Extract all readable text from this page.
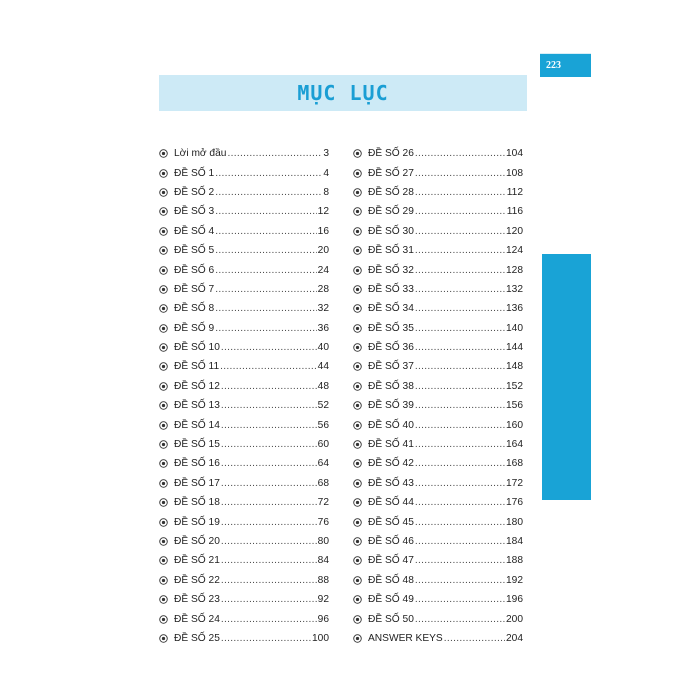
223
MỤC LỤC
Lời mở đầu .....	3
ĐỀ SỐ 1 .....	4
ĐỀ SỐ 2 .....	8
ĐỀ SỐ 3 .....	12
ĐỀ SỐ 4 .....	16
ĐỀ SỐ 5 .....	20
ĐỀ SỐ 6 .....	24
ĐỀ SỐ 7 .....	28
ĐỀ SỐ 8 .....	32
ĐỀ SỐ 9 .....	36
ĐỀ SỐ 10 .....	40
ĐỀ SỐ 11 .....	44
ĐỀ SỐ 12 .....	48
ĐỀ SỐ 13 .....	52
ĐỀ SỐ 14 .....	56
ĐỀ SỐ 15 .....	60
ĐỀ SỐ 16 .....	64
ĐỀ SỐ 17 .....	68
ĐỀ SỐ 18 .....	72
ĐỀ SỐ 19 .....	76
ĐỀ SỐ 20 .....	80
ĐỀ SỐ 21 .....	84
ĐỀ SỐ 22 .....	88
ĐỀ SỐ 23 .....	92
ĐỀ SỐ 24 .....	96
ĐỀ SỐ 25 .....	100
ĐỀ SỐ 26 .....	104
ĐỀ SỐ 27 .....	108
ĐỀ SỐ 28 .....	112
ĐỀ SỐ 29 .....	116
ĐỀ SỐ 30 .....	120
ĐỀ SỐ 31 .....	124
ĐỀ SỐ 32 .....	128
ĐỀ SỐ 33 .....	132
ĐỀ SỐ 34 .....	136
ĐỀ SỐ 35 .....	140
ĐỀ SỐ 36 .....	144
ĐỀ SỐ 37 .....	148
ĐỀ SỐ 38 .....	152
ĐỀ SỐ 39 .....	156
ĐỀ SỐ 40 .....	160
ĐỀ SỐ 41 .....	164
ĐỀ SỐ 42 .....	168
ĐỀ SỐ 43 .....	172
ĐỀ SỐ 44 .....	176
ĐỀ SỐ 45 .....	180
ĐỀ SỐ 46 .....	184
ĐỀ SỐ 47 .....	188
ĐỀ SỐ 48 .....	192
ĐỀ SỐ 49 .....	196
ĐỀ SỐ 50 .....	200
ANSWER KEYS .....	204
